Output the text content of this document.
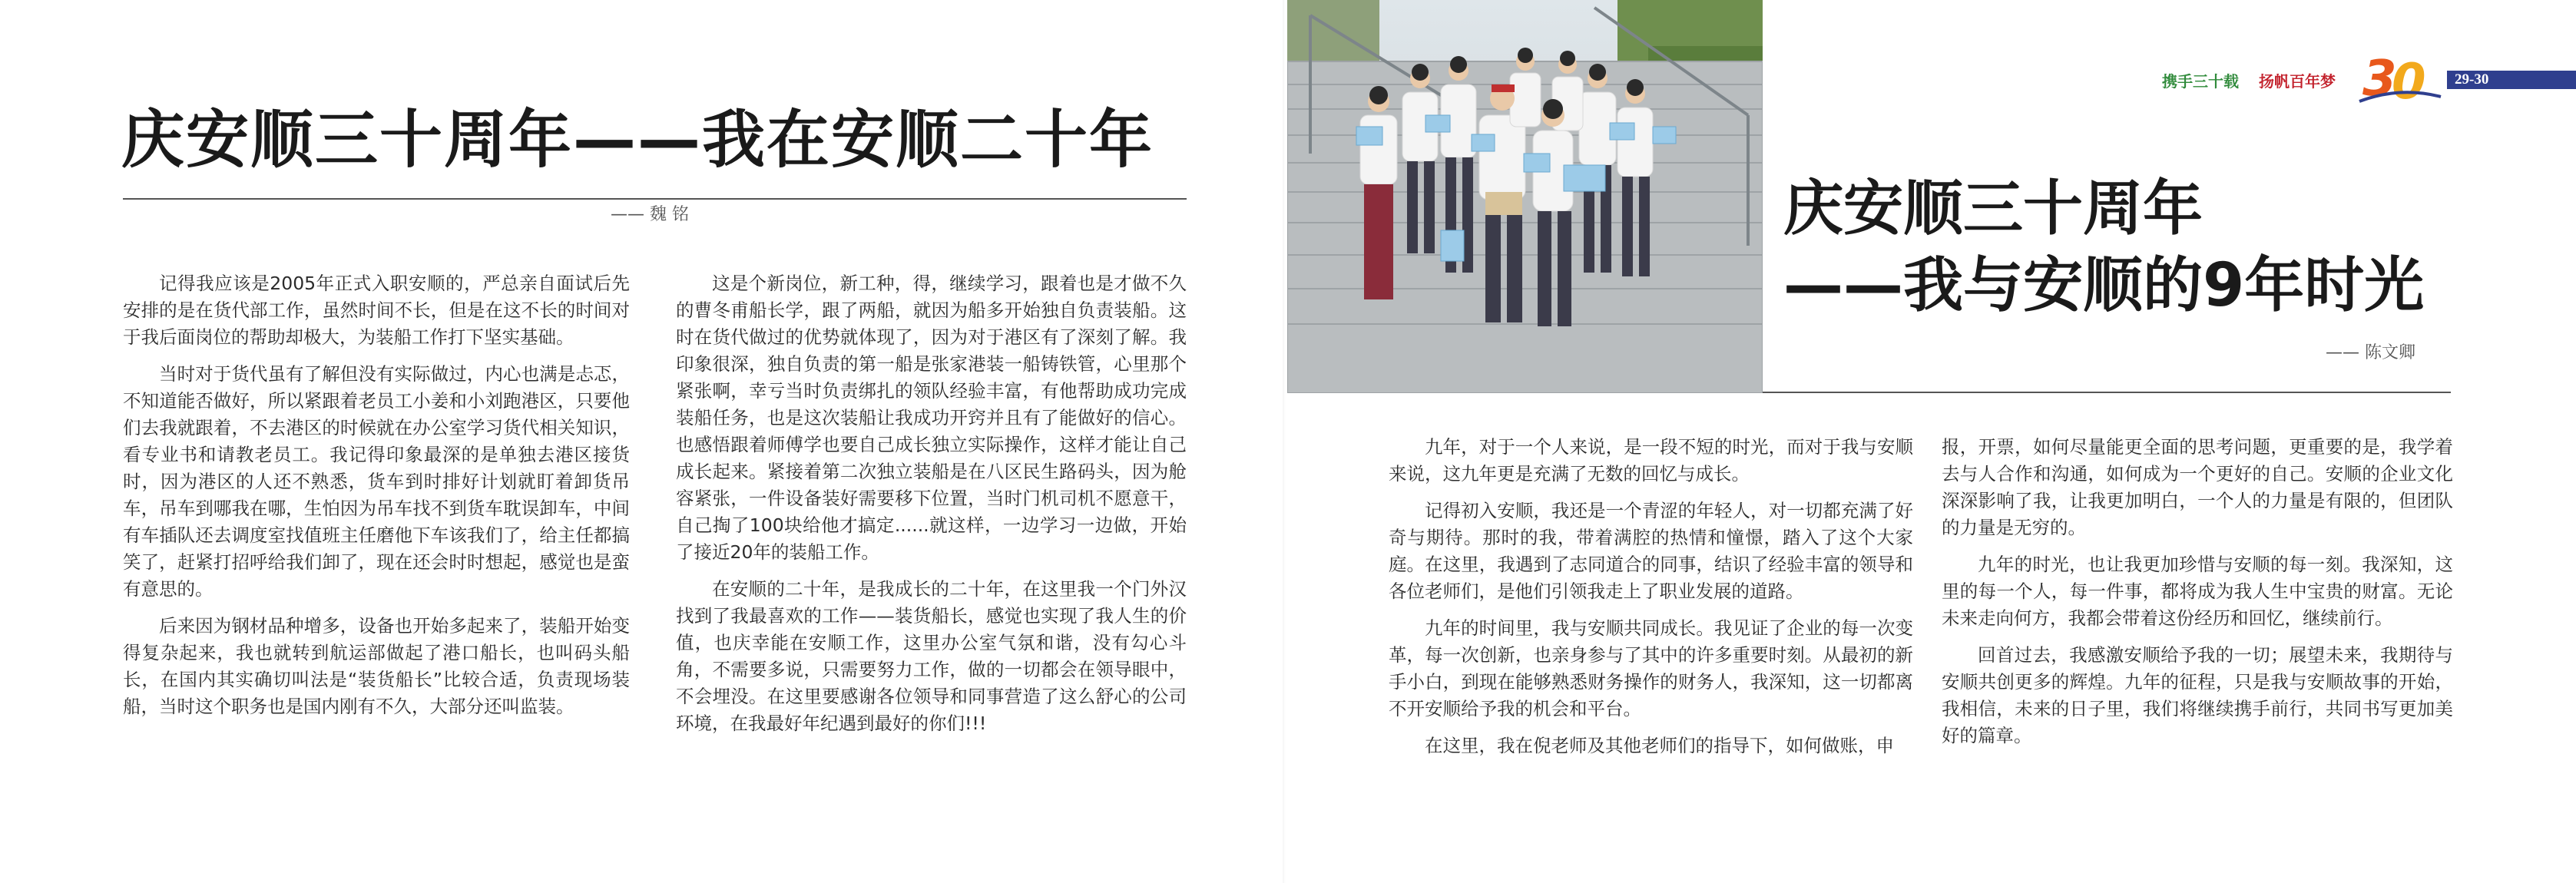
庆安顺三十周年——我在安顺二十年
—— 魏 铭

记得我应该是2005年正式入职安顺的，严总亲自面试后先安排的是在货代部工作，虽然时间不长，但是在这不长的时间对于我后面岗位的帮助却极大，为装船工作打下坚实基础。

当时对于货代虽有了解但没有实际做过，内心也满是忐忑，不知道能否做好，所以紧跟着老员工小姜和小刘跑港区，只要他们去我就跟着，不去港区的时候就在办公室学习货代相关知识，看专业书和请教老员工。我记得印象最深的是单独去港区接货时，因为港区的人还不熟悉，货车到时排好计划就盯着卸货吊车，吊车到哪我在哪，生怕因为吊车找不到货车耽误卸车，中间有车插队还去调度室找值班主任磨他下车该我们了，给主任都搞笑了，赶紧打招呼给我们卸了，现在还会时时想起，感觉也是蛮有意思的。

后来因为钢材品种增多，设备也开始多起来了，装船开始变得复杂起来，我也就转到航运部做起了港口船长，也叫码头船长，在国内其实确切叫法是“装货船长”比较合适，负责现场装船，当时这个职务也是国内刚有不久，大部分还叫监装。

这是个新岗位，新工种，得，继续学习，跟着也是才做不久的曹冬甫船长学，跟了两船，就因为船多开始独自负责装船。这时在货代做过的优势就体现了，因为对于港区有了深刻了解。我印象很深，独自负责的第一船是张家港装一船铸铁管，心里那个紧张啊，幸亏当时负责绑扎的领队经验丰富，有他帮助成功完成装船任务，也是这次装船让我成功开窍并且有了能做好的信心。也感悟跟着师傅学也要自己成长独立实际操作，这样才能让自己成长起来。紧接着第二次独立装船是在八区民生路码头，因为舱容紧张，一件设备装好需要移下位置，当时门机司机不愿意干，自己掏了100块给他才搞定......就这样，一边学习一边做，开始了接近20年的装船工作。

在安顺的二十年，是我成长的二十年，在这里我一个门外汉找到了我最喜欢的工作——装货船长，感觉也实现了我人生的价值，也庆幸能在安顺工作，这里办公室气氛和谐，没有勾心斗角，不需要多说，只需要努力工作，做的一切都会在领导眼中，不会埋没。在这里要感谢各位领导和同事营造了这么舒心的公司环境，在我最好年纪遇到最好的你们!!!

携手三十载 扬帆百年梦 3
0 29-30
庆安顺三十周年
——我与安顺的9年时光
—— 陈文卿

九年，对于一个人来说，是一段不短的时光，而对于我与安顺来说，这九年更是充满了无数的回忆与成长。

记得初入安顺，我还是一个青涩的年轻人，对一切都充满了好奇与期待。那时的我，带着满腔的热情和憧憬，踏入了这个大家庭。在这里，我遇到了志同道合的同事，结识了经验丰富的领导和各位老师们，是他们引领我走上了职业发展的道路。

九年的时间里，我与安顺共同成长。我见证了企业的每一次变革，每一次创新，也亲身参与了其中的许多重要时刻。从最初的新手小白，到现在能够熟悉财务操作的财务人，我深知，这一切都离不开安顺给予我的机会和平台。

在这里，我在倪老师及其他老师们的指导下，如何做账，申

报，开票，如何尽量能更全面的思考问题，更重要的是，我学着去与人合作和沟通，如何成为一个更好的自己。安顺的企业文化深深影响了我，让我更加明白，一个人的力量是有限的，但团队的力量是无穷的。

九年的时光，也让我更加珍惜与安顺的每一刻。我深知，这里的每一个人，每一件事，都将成为我人生中宝贵的财富。无论未来走向何方，我都会带着这份经历和回忆，继续前行。

回首过去，我感激安顺给予我的一切；展望未来，我期待与安顺共创更多的辉煌。九年的征程，只是我与安顺故事的开始，我相信，未来的日子里，我们将继续携手前行，共同书写更加美好的篇章。
